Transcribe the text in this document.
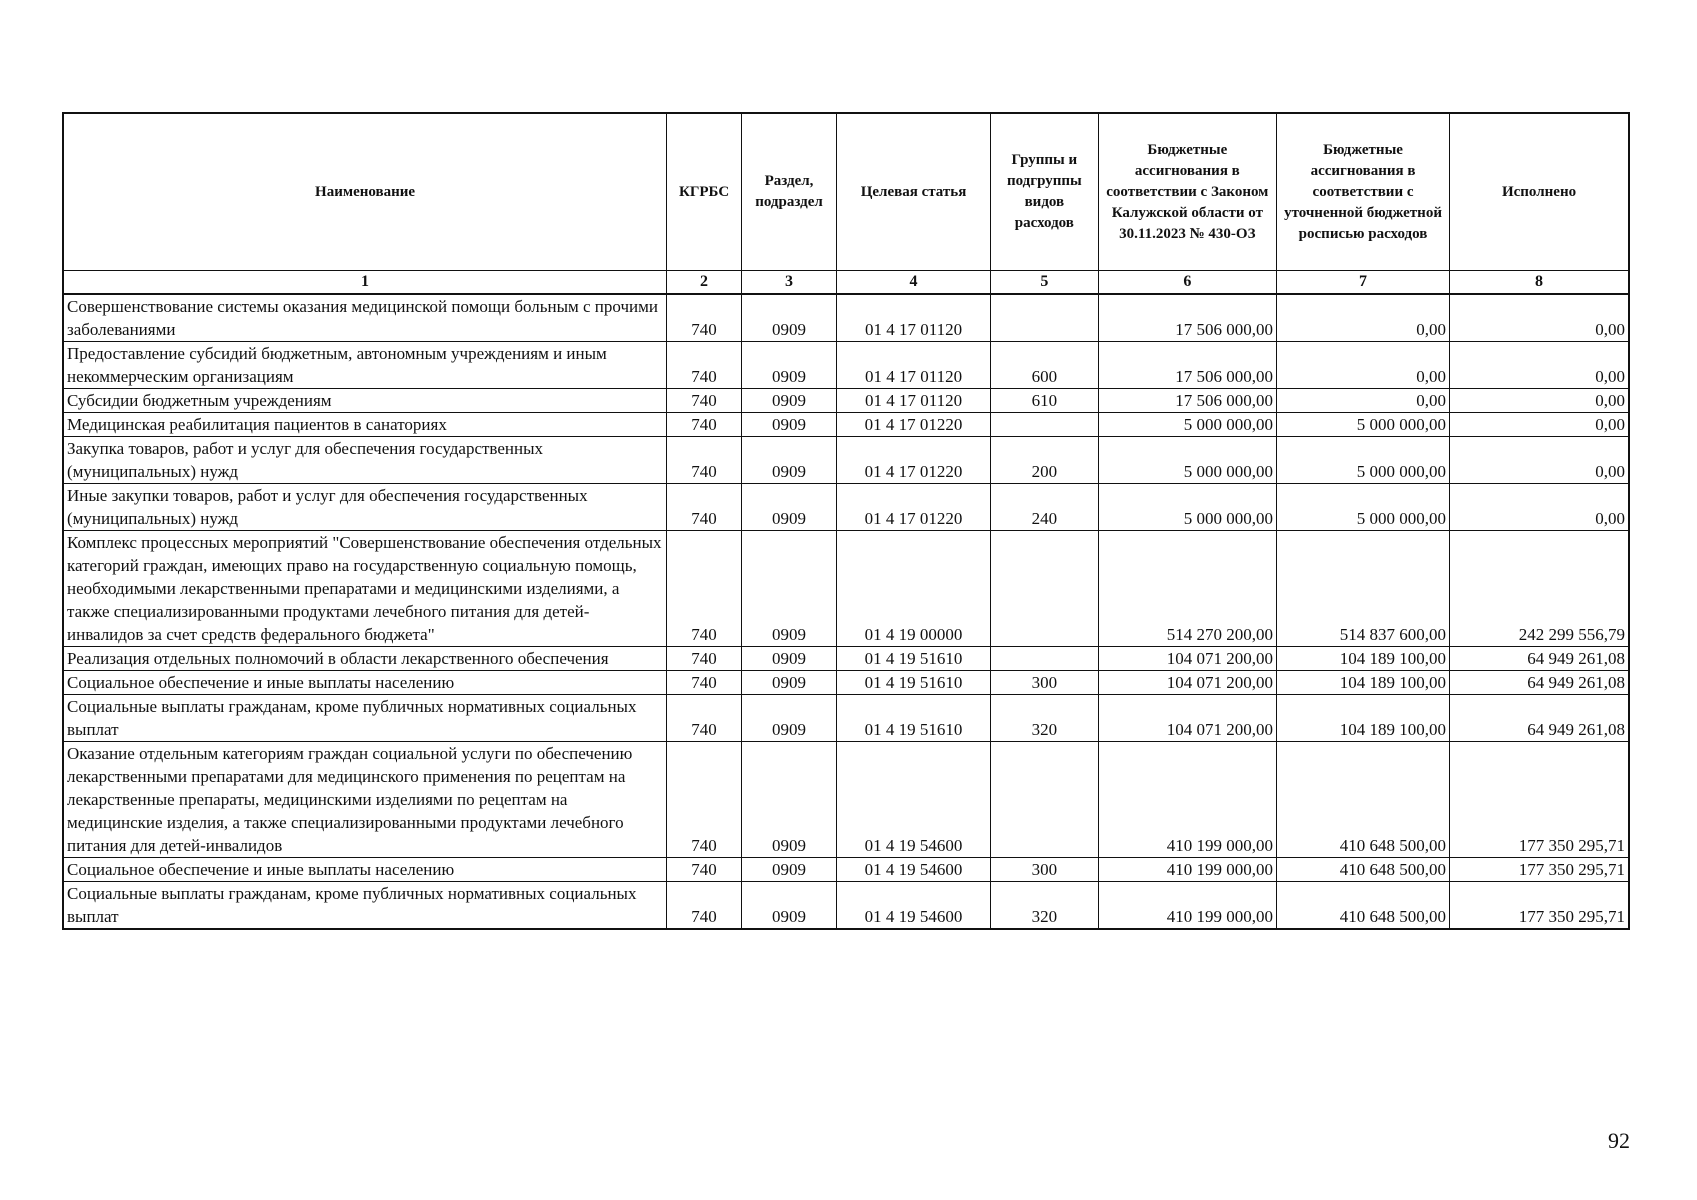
Наименование	КГРБС	Раздел, подраздел	Целевая статья	Группы и подгруппы видов расходов	Бюджетные ассигнования в соответствии с Законом Калужской области от 30.11.2023 № 430-ОЗ	Бюджетные ассигнования в соответствии с уточненной бюджетной росписью расходов	Исполнено
1	2	3	4	5	6	7	8
Совершенствование системы оказания медицинской помощи больным с прочими заболеваниями	740	0909	01 4 17 01120		17 506 000,00	0,00	0,00
Предоставление субсидий бюджетным, автономным учреждениям и иным некоммерческим организациям	740	0909	01 4 17 01120	600	17 506 000,00	0,00	0,00
Субсидии бюджетным учреждениям	740	0909	01 4 17 01120	610	17 506 000,00	0,00	0,00
Медицинская реабилитация пациентов в санаториях	740	0909	01 4 17 01220		5 000 000,00	5 000 000,00	0,00
Закупка товаров, работ и услуг для обеспечения государственных (муниципальных) нужд	740	0909	01 4 17 01220	200	5 000 000,00	5 000 000,00	0,00
Иные закупки товаров, работ и услуг для обеспечения государственных (муниципальных) нужд	740	0909	01 4 17 01220	240	5 000 000,00	5 000 000,00	0,00
Комплекс процессных мероприятий "Совершенствование обеспечения отдельных категорий граждан, имеющих право на государственную социальную помощь, необходимыми лекарственными препаратами и медицинскими изделиями, а также специализированными продуктами лечебного питания для детей-инвалидов за счет средств федерального бюджета"	740	0909	01 4 19 00000		514 270 200,00	514 837 600,00	242 299 556,79
Реализация отдельных полномочий в области лекарственного обеспечения	740	0909	01 4 19 51610		104 071 200,00	104 189 100,00	64 949 261,08
Социальное обеспечение и иные выплаты населению	740	0909	01 4 19 51610	300	104 071 200,00	104 189 100,00	64 949 261,08
Социальные выплаты гражданам, кроме публичных нормативных социальных выплат	740	0909	01 4 19 51610	320	104 071 200,00	104 189 100,00	64 949 261,08
Оказание отдельным категориям граждан социальной услуги по обеспечению лекарственными препаратами для медицинского применения по рецептам на лекарственные препараты, медицинскими изделиями по рецептам на медицинские изделия, а также специализированными продуктами лечебного питания для детей-инвалидов	740	0909	01 4 19 54600		410 199 000,00	410 648 500,00	177 350 295,71
Социальное обеспечение и иные выплаты населению	740	0909	01 4 19 54600	300	410 199 000,00	410 648 500,00	177 350 295,71
Социальные выплаты гражданам, кроме публичных нормативных социальных выплат	740	0909	01 4 19 54600	320	410 199 000,00	410 648 500,00	177 350 295,71
92
